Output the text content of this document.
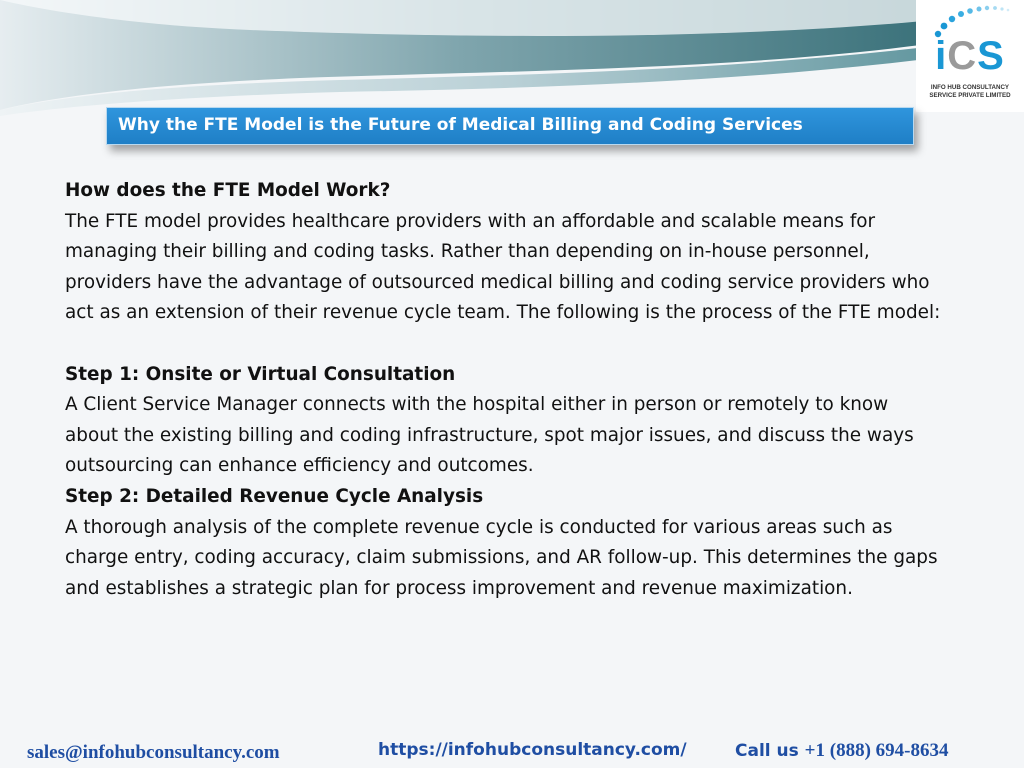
iCS
INFO HUB CONSULTANCY
SERVICE PRIVATE LIMITED
Why the FTE Model is the Future of Medical Billing and Coding Services

How does the FTE Model Work?

The FTE model provides healthcare providers with an affordable and scalable means for managing their billing and coding tasks. Rather than depending on in-house personnel, providers have the advantage of outsourced medical billing and coding service providers who act as an extension of their revenue cycle team. The following is the process of the FTE model:

Step 1: Onsite or Virtual Consultation

A Client Service Manager connects with the hospital either in person or remotely to know about the existing billing and coding infrastructure, spot major issues, and discuss the ways outsourcing can enhance efficiency and outcomes.

Step 2: Detailed Revenue Cycle Analysis

A thorough analysis of the complete revenue cycle is conducted for various areas such as charge entry, coding accuracy, claim submissions, and AR follow-up. This determines the gaps and establishes a strategic plan for process improvement and revenue maximization.

sales@infohubconsultancy.com	https://infohubconsultancy.com/	Call us +1 (888) 694-8634
